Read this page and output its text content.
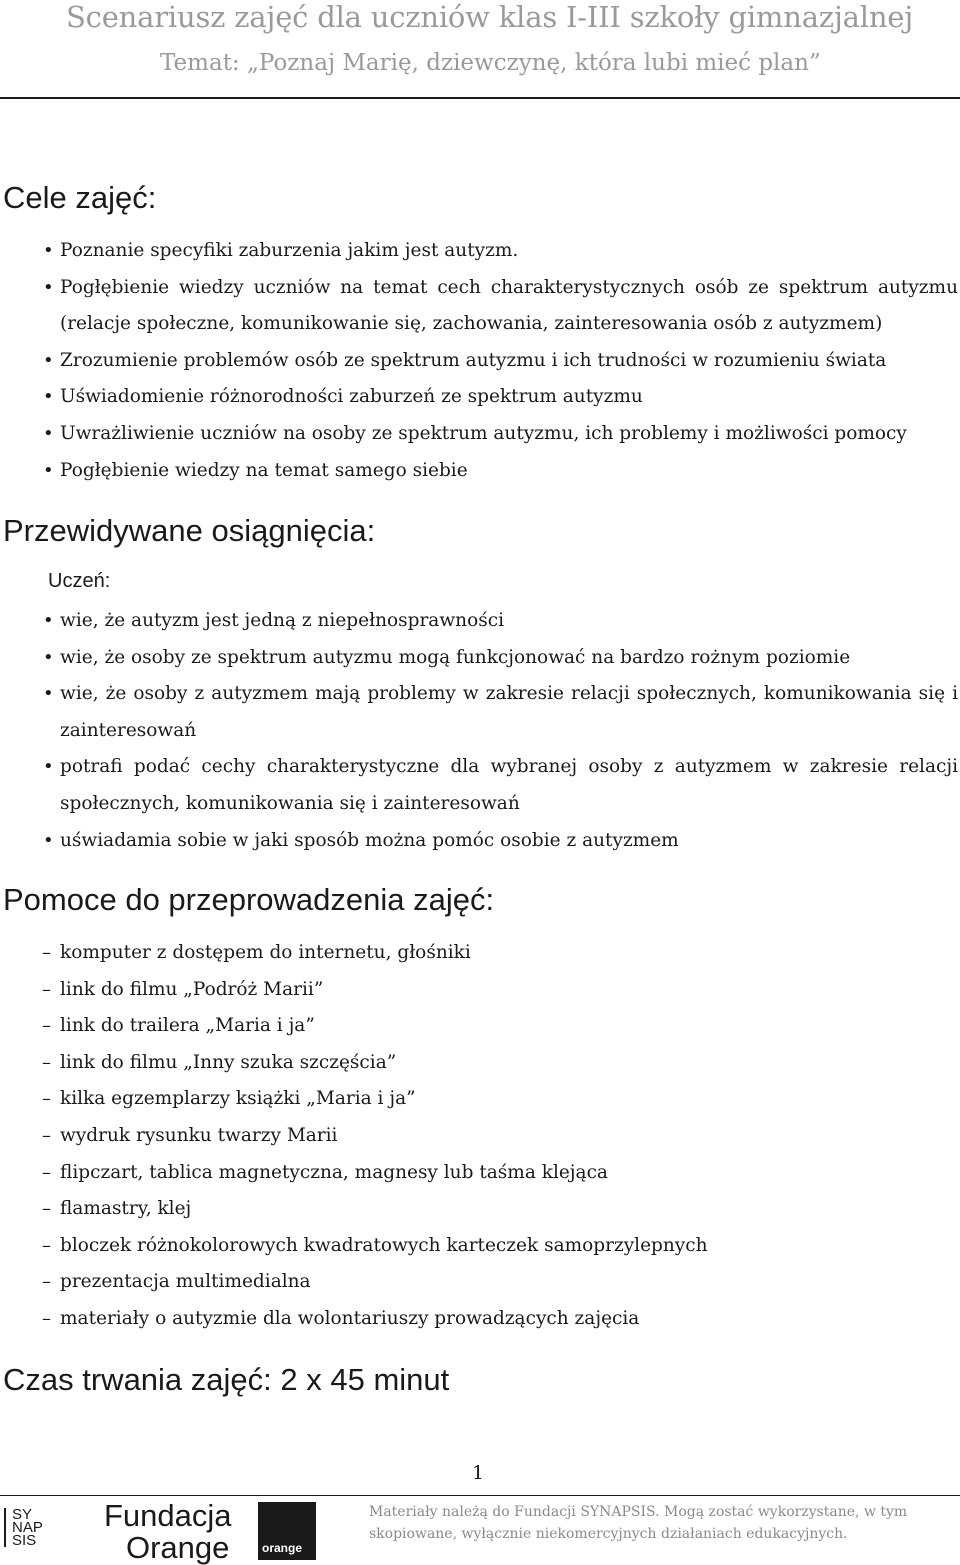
Scenariusz zajęć dla uczniów klas I-III szkoły gimnazjalnej
Temat: „Poznaj Marię, dziewczynę, która lubi mieć plan”
Cele zajęć:
• Poznanie specyfiki zaburzenia jakim jest autyzm.
• Pogłębienie wiedzy uczniów na temat cech charakterystycznych osób ze spektrum autyzmu (relacje społeczne, komunikowanie się, zachowania, zainteresowania osób z autyzmem)
• Zrozumienie problemów osób ze spektrum autyzmu i ich trudności w rozumieniu świata
• Uświadomienie różnorodności zaburzeń ze spektrum autyzmu
• Uwrażliwienie uczniów na osoby ze spektrum autyzmu, ich problemy i możliwości pomocy
• Pogłębienie wiedzy na temat samego siebie
Przewidywane osiągnięcia:
Uczeń:
• wie, że autyzm jest jedną z niepełnosprawności
• wie, że osoby ze spektrum autyzmu mogą funkcjonować na bardzo rożnym poziomie
• wie, że osoby z autyzmem mają problemy w zakresie relacji społecznych, komunikowania się i zainteresowań
• potrafi podać cechy charakterystyczne dla wybranej osoby z autyzmem w zakresie relacji społecznych, komunikowania się i zainteresowań
• uświadamia sobie w jaki sposób można pomóc osobie z autyzmem
Pomoce do przeprowadzenia zajęć:
– komputer z dostępem do internetu, głośniki
– link do filmu „Podróż Marii”
– link do trailera „Maria i ja”
– link do filmu „Inny szuka szczęścia”
– kilka egzemplarzy książki „Maria i ja”
– wydruk rysunku twarzy Marii
– flipczart, tablica magnetyczna, magnesy lub taśma klejąca
– flamastry, klej
– bloczek różnokolorowych kwadratowych karteczek samoprzylepnych
– prezentacja multimedialna
– materiały o autyzmie dla wolontariuszy prowadzących zajęcia
Czas trwania zajęć: 2 x 45 minut
1
SY
NAP
SIS
Fundacja
Orange	orange
Materiały należą do Fundacji SYNAPSIS. Mogą zostać wykorzystane, w tym skopiowane, wyłącznie niekomercyjnych działaniach edukacyjnych.
